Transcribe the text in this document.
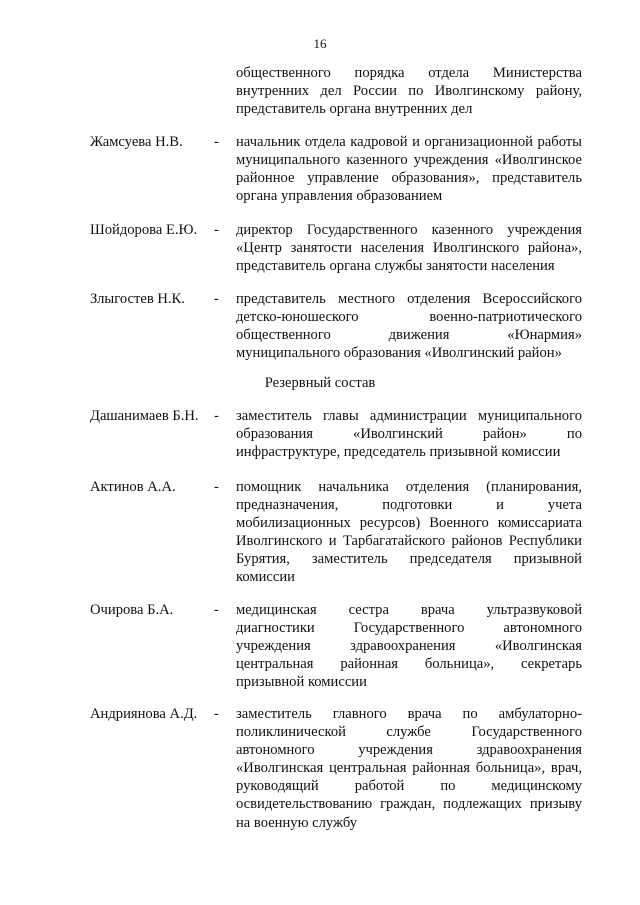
16
общественного порядка отдела Министерства
внутренних дел России по Иволгинскому району,
представитель органа внутренних дел
Жамсуева Н.В. - начальник отдела кадровой и организационной работы
муниципального казенного учреждения «Иволгинское
районное управление образования», представитель
органа управления образованием
Шойдорова Е.Ю. - директор Государственного казенного учреждения
«Центр занятости населения Иволгинского района»,
представитель органа службы занятости населения
Злыгостев Н.К. - представитель местного отделения Всероссийского
детско-юношеского военно-патриотического
общественного движения «Юнармия»
муниципального образования «Иволгинский район»
Резервный состав
Дашанимаев Б.Н. - заместитель главы администрации муниципального
образования «Иволгинский район» по
инфраструктуре, председатель призывной комиссии
Актинов А.А.	- помощник начальника отделения (планирования,
предназначения, подготовки и учета
мобилизационных ресурсов) Военного комиссариата
Иволгинского и Тарбагатайского районов Республики
Бурятия, заместитель председателя призывной
комиссии
Очирова Б.А.	- медицинская сестра врача ультразвуковой
диагностики Государственного автономного
учреждения здравоохранения «Иволгинская
центральная районная больница», секретарь
призывной комиссии
Андриянова А.Д. - заместитель главного врача по амбулаторно-
поликлинической службе Государственного
автономного учреждения здравоохранения
«Иволгинская центральная районная больница», врач,
руководящий работой по медицинскому
освидетельствованию граждан, подлежащих призыву
на военную службу
